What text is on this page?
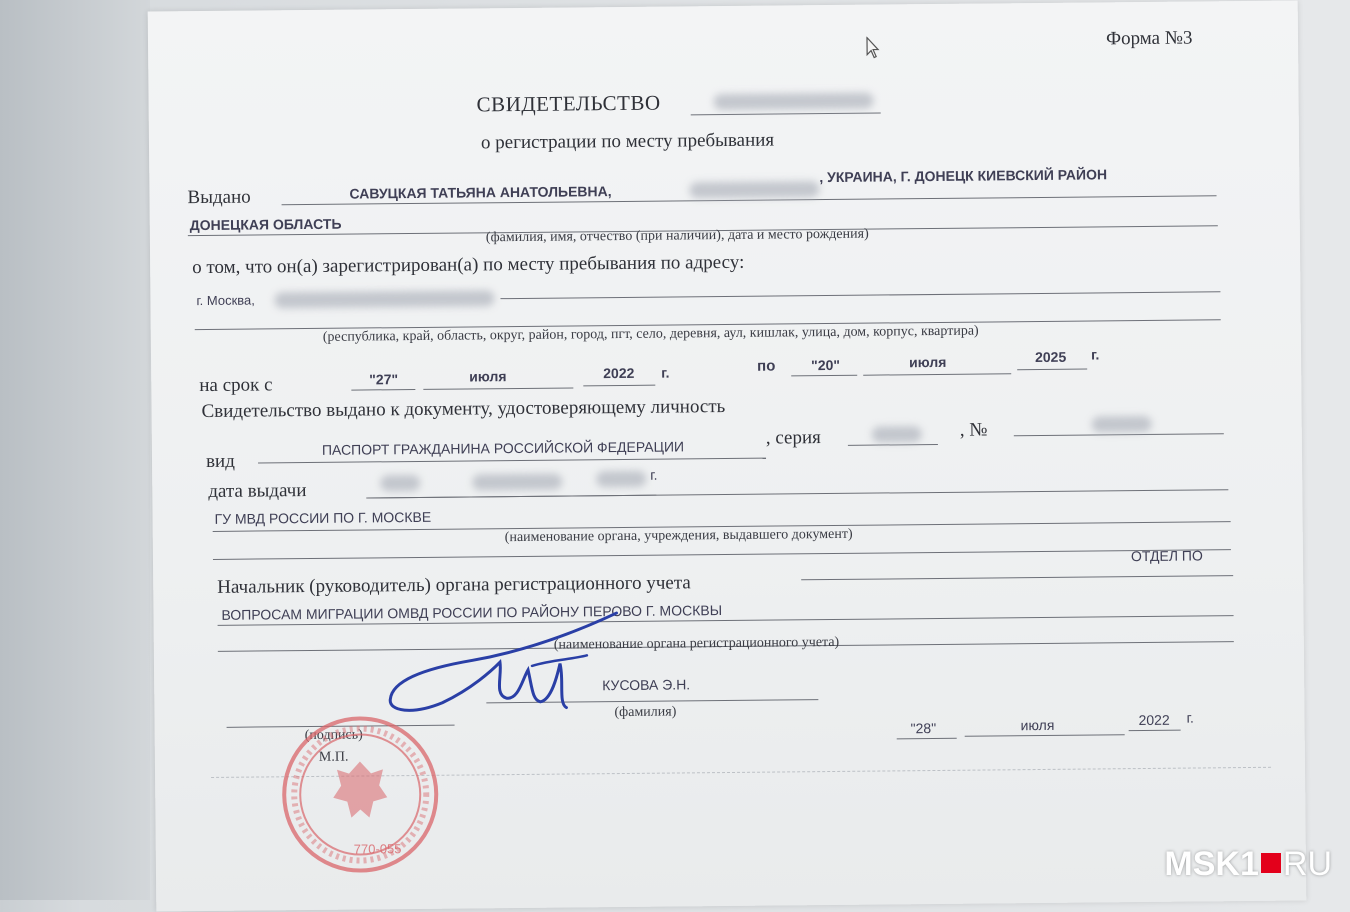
Форма №3
СВИДЕТЕЛЬСТВО
о регистрации по месту пребывания
Выдано	САВУЦКАЯ ТАТЬЯНА АНАТОЛЬЕВНА,
, УКРАИНА, Г. ДОНЕЦК КИЕВСКИЙ РАЙОН
ДОНЕЦКАЯ ОБЛАСТЬ
(фамилия, имя, отчество (при наличии), дата и место рождения)
о том, что он(а) зарегистрирован(а) по месту пребывания по адресу:
г. Москва,
(республика, край, область, округ, район, город, пгт, село, деревня, аул, кишлак, улица, дом, корпус, квартира)
на срок с	"27"	июля	2022 г.	по	"20"	июля	2025 г.
Свидетельство выдано к документу, удостоверяющему личность
вид
ПАСПОРТ ГРАЖДАНИНА РОССИЙСКОЙ ФЕДЕРАЦИИ	, серия	, №
дата выдачи
г.
ГУ МВД РОССИИ ПО Г. МОСКВЕ
(наименование органа, учреждения, выдавшего документ)
Начальник (руководитель) органа регистрационного учета
ОТДЕЛ ПО
ВОПРОСАМ МИГРАЦИИ ОМВД РОССИИ ПО РАЙОНУ ПЕРОВО Г. МОСКВЫ
(наименование органа регистрационного учета)
(подпись)
КУСОВА Э.Н.
(фамилия)
М.П.
"28"	июля	2022 г.
770-055	MSK1 RU
